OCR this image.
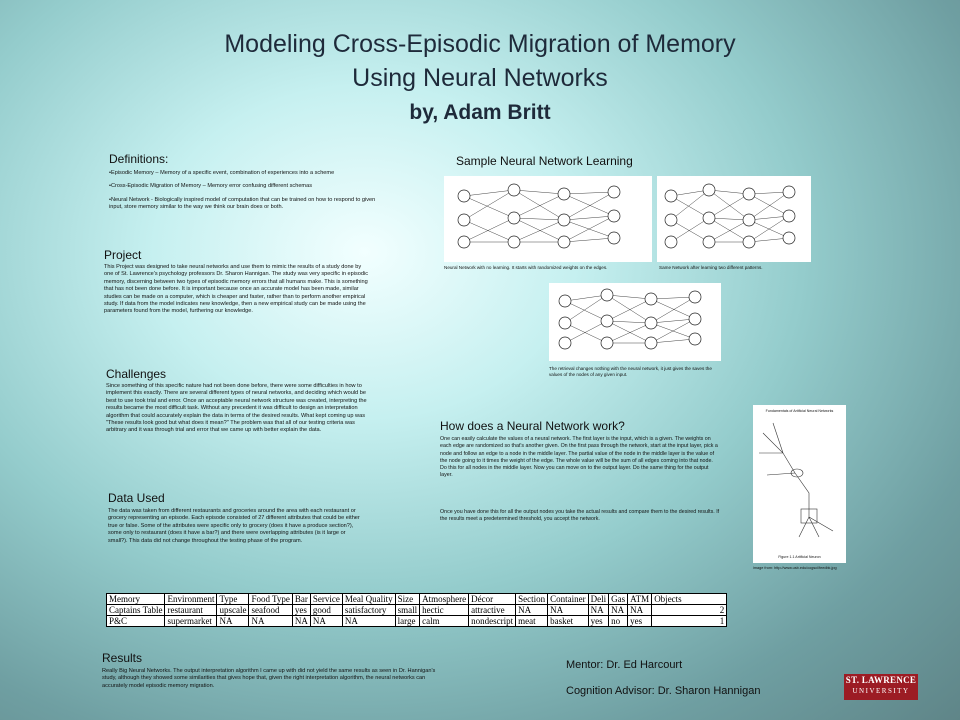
Modeling Cross-Episodic Migration of Memory
Using Neural Networks
by, Adam Britt
Definitions:
•Episodic Memory – Memory of a specific event, combination of experiences into a scheme
•Cross-Episodic Migration of Memory – Memory error confusing different schemas
•Neural Network - Biologically inspired model of computation that can be trained on how to respond to given input, store memory similar to the way we think our brain does or both.
Project
This Project was designed to take neural networks and use them to mimic the results of a study done by one of St. Lawrence's psychology professors Dr. Sharon Hannigan. The study was very specific in episodic memory, discerning between two types of episodic memory errors that all humans make. This is something that has not been done before. It is important because once an accurate model has been made, similar studies can be made on a computer, which is cheaper and faster, rather than to perform another empirical study. If data from the model indicates new knowledge, then a new empirical study can be made using the parameters found from the model, furthering our knowledge.
Challenges
Since something of this specific nature had not been done before, there were some difficulties in how to implement this exactly. There are several different types of neural networks, and deciding which would be best to use took trial and error. Once an acceptable neural network structure was created, interpreting the results became the most difficult task. Without any precedent it was difficult to design an interpretation algorithm that could accurately explain the data in terms of the desired results. What kept coming up was "These results look good but what does it mean?" The problem was that all of our testing criteria was arbitrary and it was through trial and error that we came up with better explain the data.
Data Used
The data was taken from different restaurants and groceries around the area with each restaurant or grocery representing an episode. Each episode consisted of 27 different attributes that could be either true or false. Some of the attributes were specific only to grocery (does it have a produce section?), some only to restaurant (does it have a bar?) and there were overlapping attributes (is it large or small?). This data did not change throughout the testing phase of the program.
Sample Neural Network Learning
Neural Network with no learning. It starts with randomized weights on the edges.	Same Network after learning two different patterns.
The retrieval changes nothing with the neural network, it just gives the saves the values of the nodes of any given input.
How does a Neural Network work?
One can easily calculate the values of a neural network. The first layer is the input, which is a given. The weights on each edge are randomized so that's another given. On the first pass through the network, start at the input layer, pick a node and follow an edge to a node in the middle layer. The partial value of the node in the middle layer is the value of the node going to it times the weight of the edge. The whole value will be the sum of all edges coming into that node. Do this for all nodes in the middle layer. Now you can move on to the output layer. Do the same thing for the output layer.
Once you have done this for all the output nodes you take the actual results and compare them to the desired results. If the results meet a predetermined threshold, you accept the network.
Fundamentals of Artificial Neural Networks
Figure 1.1 Artificial Neuron
image from: http://www.usb.edu/cogsci/feedbk.jpg
Memory	Environment	Type	Food Type	Bar	Service	Meal Quality	Size	Atmosphere	Décor	Section	Container	Deli	Gas	ATM	Objects
Captains Table	restaurant	upscale	seafood	yes	good	satisfactory	small	hectic	attractive	NA	NA	NA	NA	NA	2
P&C	supermarket	NA	NA	NA	NA	NA	large	calm	nondescript	meat	basket	yes	no	yes	1
Results
Really Big Neural Networks. The output interpretation algorithm I came up with did not yield the same results as seen in Dr. Hannigan's study, although they showed some similarities that gives hope that, given the right interpretation algorithm, the neural networks can accurately model episodic memory migration.
Mentor: Dr. Ed Harcourt
Cognition Advisor: Dr. Sharon Hannigan
ST. LAWRENCE
UNIVERSITY
